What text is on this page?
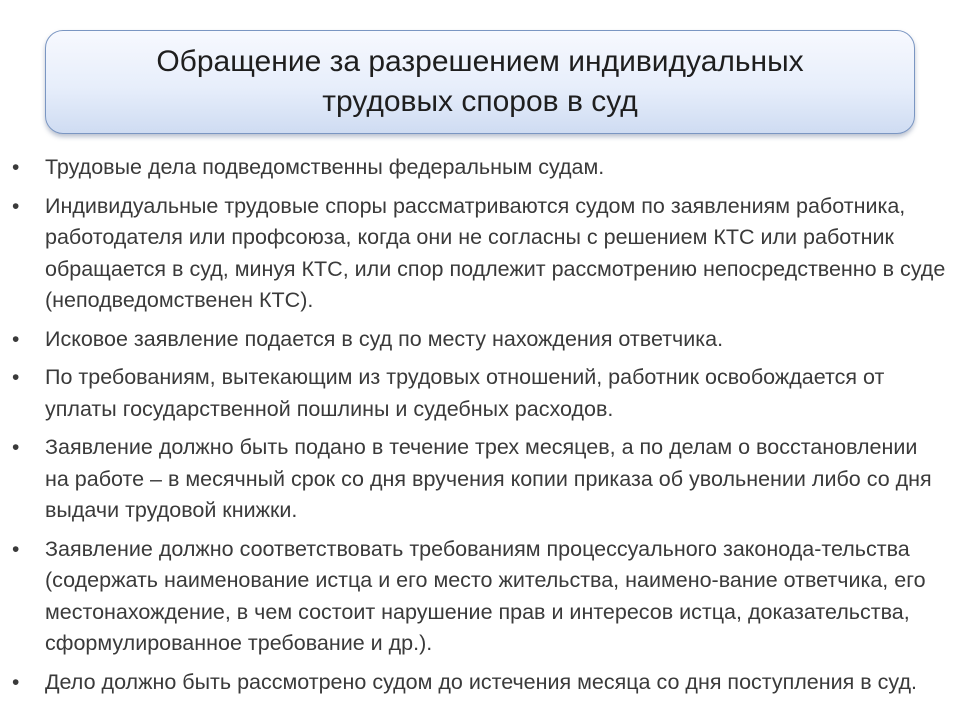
Обращение за разрешением индивидуальных трудовых споров в суд
•	Трудовые дела подведомственны федеральным судам.
•	Индивидуальные трудовые споры рассматриваются судом по заявлениям работника, работодателя или профсоюза, когда они не согласны с решением КТС или работник обращается в суд, минуя КТС, или спор подлежит рассмотрению непосредственно в суде (неподведомственен КТС).
•	Исковое заявление подается в суд по месту нахождения ответчика.
•	По требованиям, вытекающим из трудовых отношений, работник освобождается от уплаты государственной пошлины и судебных расходов.
•	Заявление должно быть подано в течение трех месяцев, а по делам о восстановлении на работе – в месячный срок со дня вручения копии приказа об увольнении либо со дня выдачи трудовой книжки.
•	Заявление должно соответствовать требованиям процессуального законода-тельства (содержать наименование истца и его место жительства, наимено-вание ответчика, его местонахождение, в чем состоит нарушение прав и интересов истца, доказательства, сформулированное требование и др.).
•	Дело должно быть рассмотрено судом до истечения месяца со дня поступления в суд.
